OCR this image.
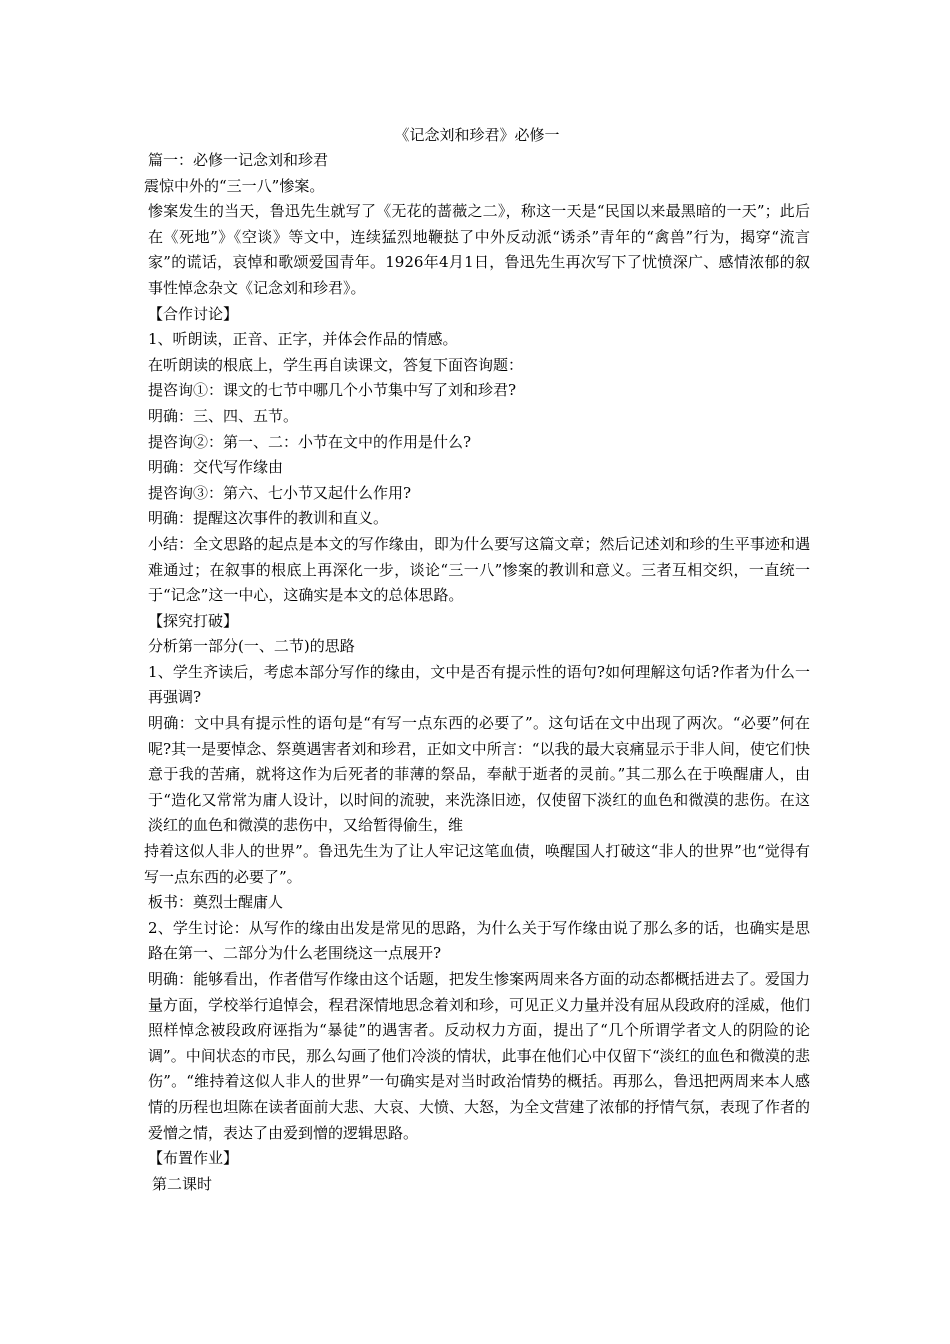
《记念刘和珍君》必修一

篇一：必修一记念刘和珍君

震惊中外的“三一八”惨案。

惨案发生的当天，鲁迅先生就写了《无花的蔷薇之二》，称这一天是“民国以来最黑暗的一天”；此后在《死地”》《空谈》等文中，连续猛烈地鞭挞了中外反动派“诱杀”青年的“禽兽”行为，揭穿“流言家”的谎话，哀悼和歌颂爱国青年。1926年4月1日，鲁迅先生再次写下了忧愤深广、感情浓郁的叙事性悼念杂文《记念刘和珍君》。

【合作讨论】

1、听朗读，正音、正字，并体会作品的情感。

在听朗读的根底上，学生再自读课文，答复下面咨询题：

提咨询①：课文的七节中哪几个小节集中写了刘和珍君?

明确：三、四、五节。

提咨询②：第一、二：小节在文中的作用是什么?

明确：交代写作缘由

提咨询③：第六、七小节又起什么作用?

明确：提醒这次事件的教训和直义。

小结：全文思路的起点是本文的写作缘由，即为什么要写这篇文章；然后记述刘和珍的生平事迹和遇难通过；在叙事的根底上再深化一步，谈论“三一八”惨案的教训和意义。三者互相交织，一直统一于“记念”这一中心，这确实是本文的总体思路。

【探究打破】

分析第一部分(一、二节)的思路

1、学生齐读后，考虑本部分写作的缘由，文中是否有提示性的语句?如何理解这句话?作者为什么一再强调?

明确：文中具有提示性的语句是“有写一点东西的必要了”。这句话在文中出现了两次。“必要”何在呢?其一是要悼念、祭奠遇害者刘和珍君，正如文中所言：“以我的最大哀痛显示于非人间，使它们快意于我的苦痛，就将这作为后死者的菲薄的祭品，奉献于逝者的灵前。”其二那么在于唤醒庸人，由于“造化又常常为庸人设计，以时间的流驶，来洗涤旧迹，仅使留下淡红的血色和微漠的悲伤。在这淡红的血色和微漠的悲伤中，又给暂得偷生，维

持着这似人非人的世界”。鲁迅先生为了让人牢记这笔血债，唤醒国人打破这“非人的世界”也“觉得有写一点东西的必要了”。

板书：奠烈士醒庸人

2、学生讨论：从写作的缘由出发是常见的思路，为什么关于写作缘由说了那么多的话，也确实是思路在第一、二部分为什么老围绕这一点展开?

明确：能够看出，作者借写作缘由这个话题，把发生惨案两周来各方面的动态都概括进去了。爱国力量方面，学校举行追悼会，程君深情地思念着刘和珍，可见正义力量并没有屈从段政府的淫威，他们照样悼念被段政府诬指为“暴徒”的遇害者。反动权力方面，提出了“几个所谓学者文人的阴险的论调”。中间状态的市民，那么勾画了他们冷淡的情状，此事在他们心中仅留下“淡红的血色和微漠的悲伤”。“维持着这似人非人的世界”一句确实是对当时政治情势的概括。再那么，鲁迅把两周来本人感情的历程也坦陈在读者面前大悲、大哀、大愤、大怒，为全文营建了浓郁的抒情气氛，表现了作者的爱憎之情，表达了由爱到憎的逻辑思路。

【布置作业】

第二课时
